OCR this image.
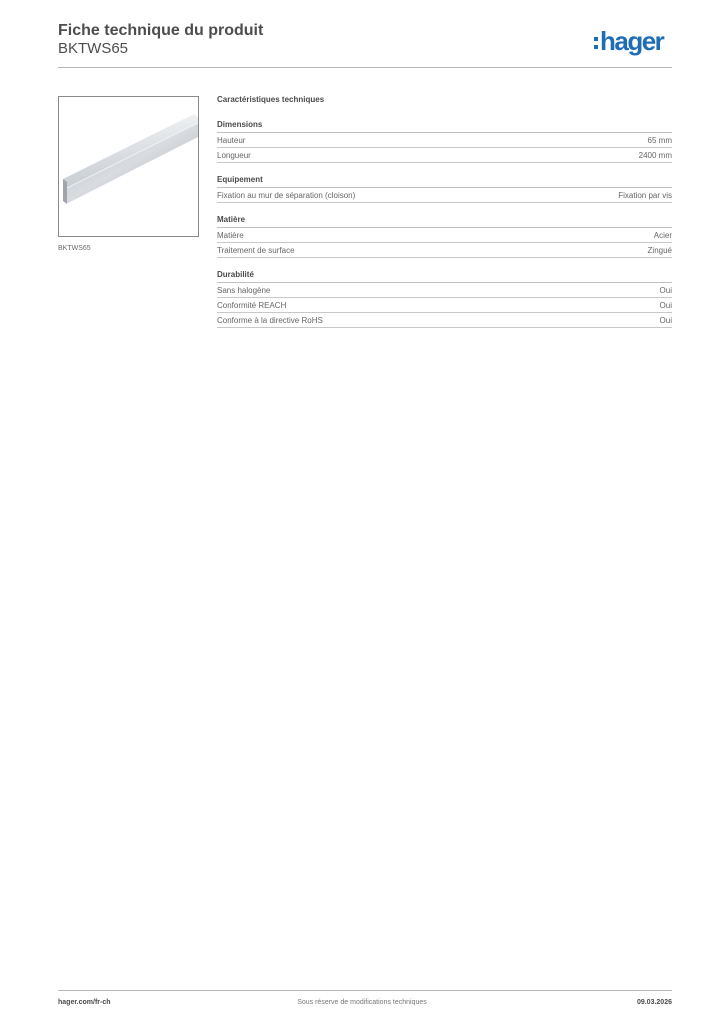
Fiche technique du produit
BKTWS65	hager
BKTWS65
Caractéristiques techniques
Dimensions
Hauteur	65 mm
Longueur	2400 mm
Equipement
Fixation au mur de séparation (cloison)	Fixation par vis
Matière
Matière	Acier
Traitement de surface	Zingué
Durabilité
Sans halogène	Oui
Conformité REACH	Oui
Conforme à la directive RoHS	Oui
hager.com/fr-ch	Sous réserve de modifications techniques	09.03.2026
